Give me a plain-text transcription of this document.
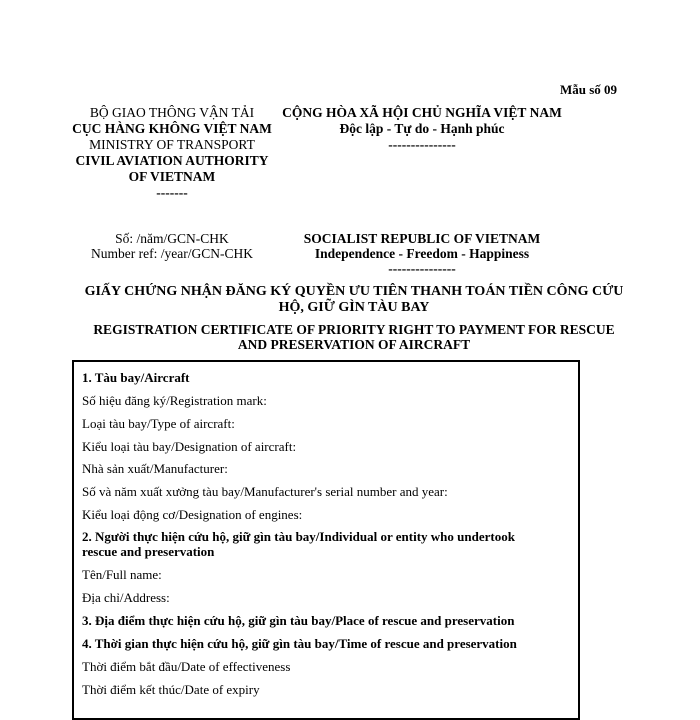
Mẫu số 09
BỘ GIAO THÔNG VẬN TẢI
CỤC HÀNG KHÔNG VIỆT NAM
MINISTRY OF TRANSPORT
CIVIL AVIATION AUTHORITY OF VIETNAM
-------
CỘNG HÒA XÃ HỘI CHỦ NGHĨA VIỆT NAM
Độc lập - Tự do - Hạnh phúc
---------------
Số: /năm/GCN-CHK
Number ref: /year/GCN-CHK
SOCIALIST REPUBLIC OF VIETNAM
Independence - Freedom - Happiness
---------------
GIẤY CHỨNG NHẬN ĐĂNG KÝ QUYỀN ƯU TIÊN THANH TOÁN TIỀN CÔNG CỨU HỘ, GIỮ GÌN TÀU BAY
REGISTRATION CERTIFICATE OF PRIORITY RIGHT TO PAYMENT FOR RESCUE AND PRESERVATION OF AIRCRAFT
1. Tàu bay/Aircraft
Số hiệu đăng ký/Registration mark:
Loại tàu bay/Type of aircraft:
Kiểu loại tàu bay/Designation of aircraft:
Nhà sản xuất/Manufacturer:
Số và năm xuất xưởng tàu bay/Manufacturer's serial number and year:
Kiểu loại động cơ/Designation of engines:
2. Người thực hiện cứu hộ, giữ gìn tàu bay/Individual or entity who undertook rescue and preservation
Tên/Full name:
Địa chỉ/Address:
3. Địa điểm thực hiện cứu hộ, giữ gìn tàu bay/Place of rescue and preservation
4. Thời gian thực hiện cứu hộ, giữ gìn tàu bay/Time of rescue and preservation
Thời điểm bắt đầu/Date of effectiveness
Thời điểm kết thúc/Date of expiry
